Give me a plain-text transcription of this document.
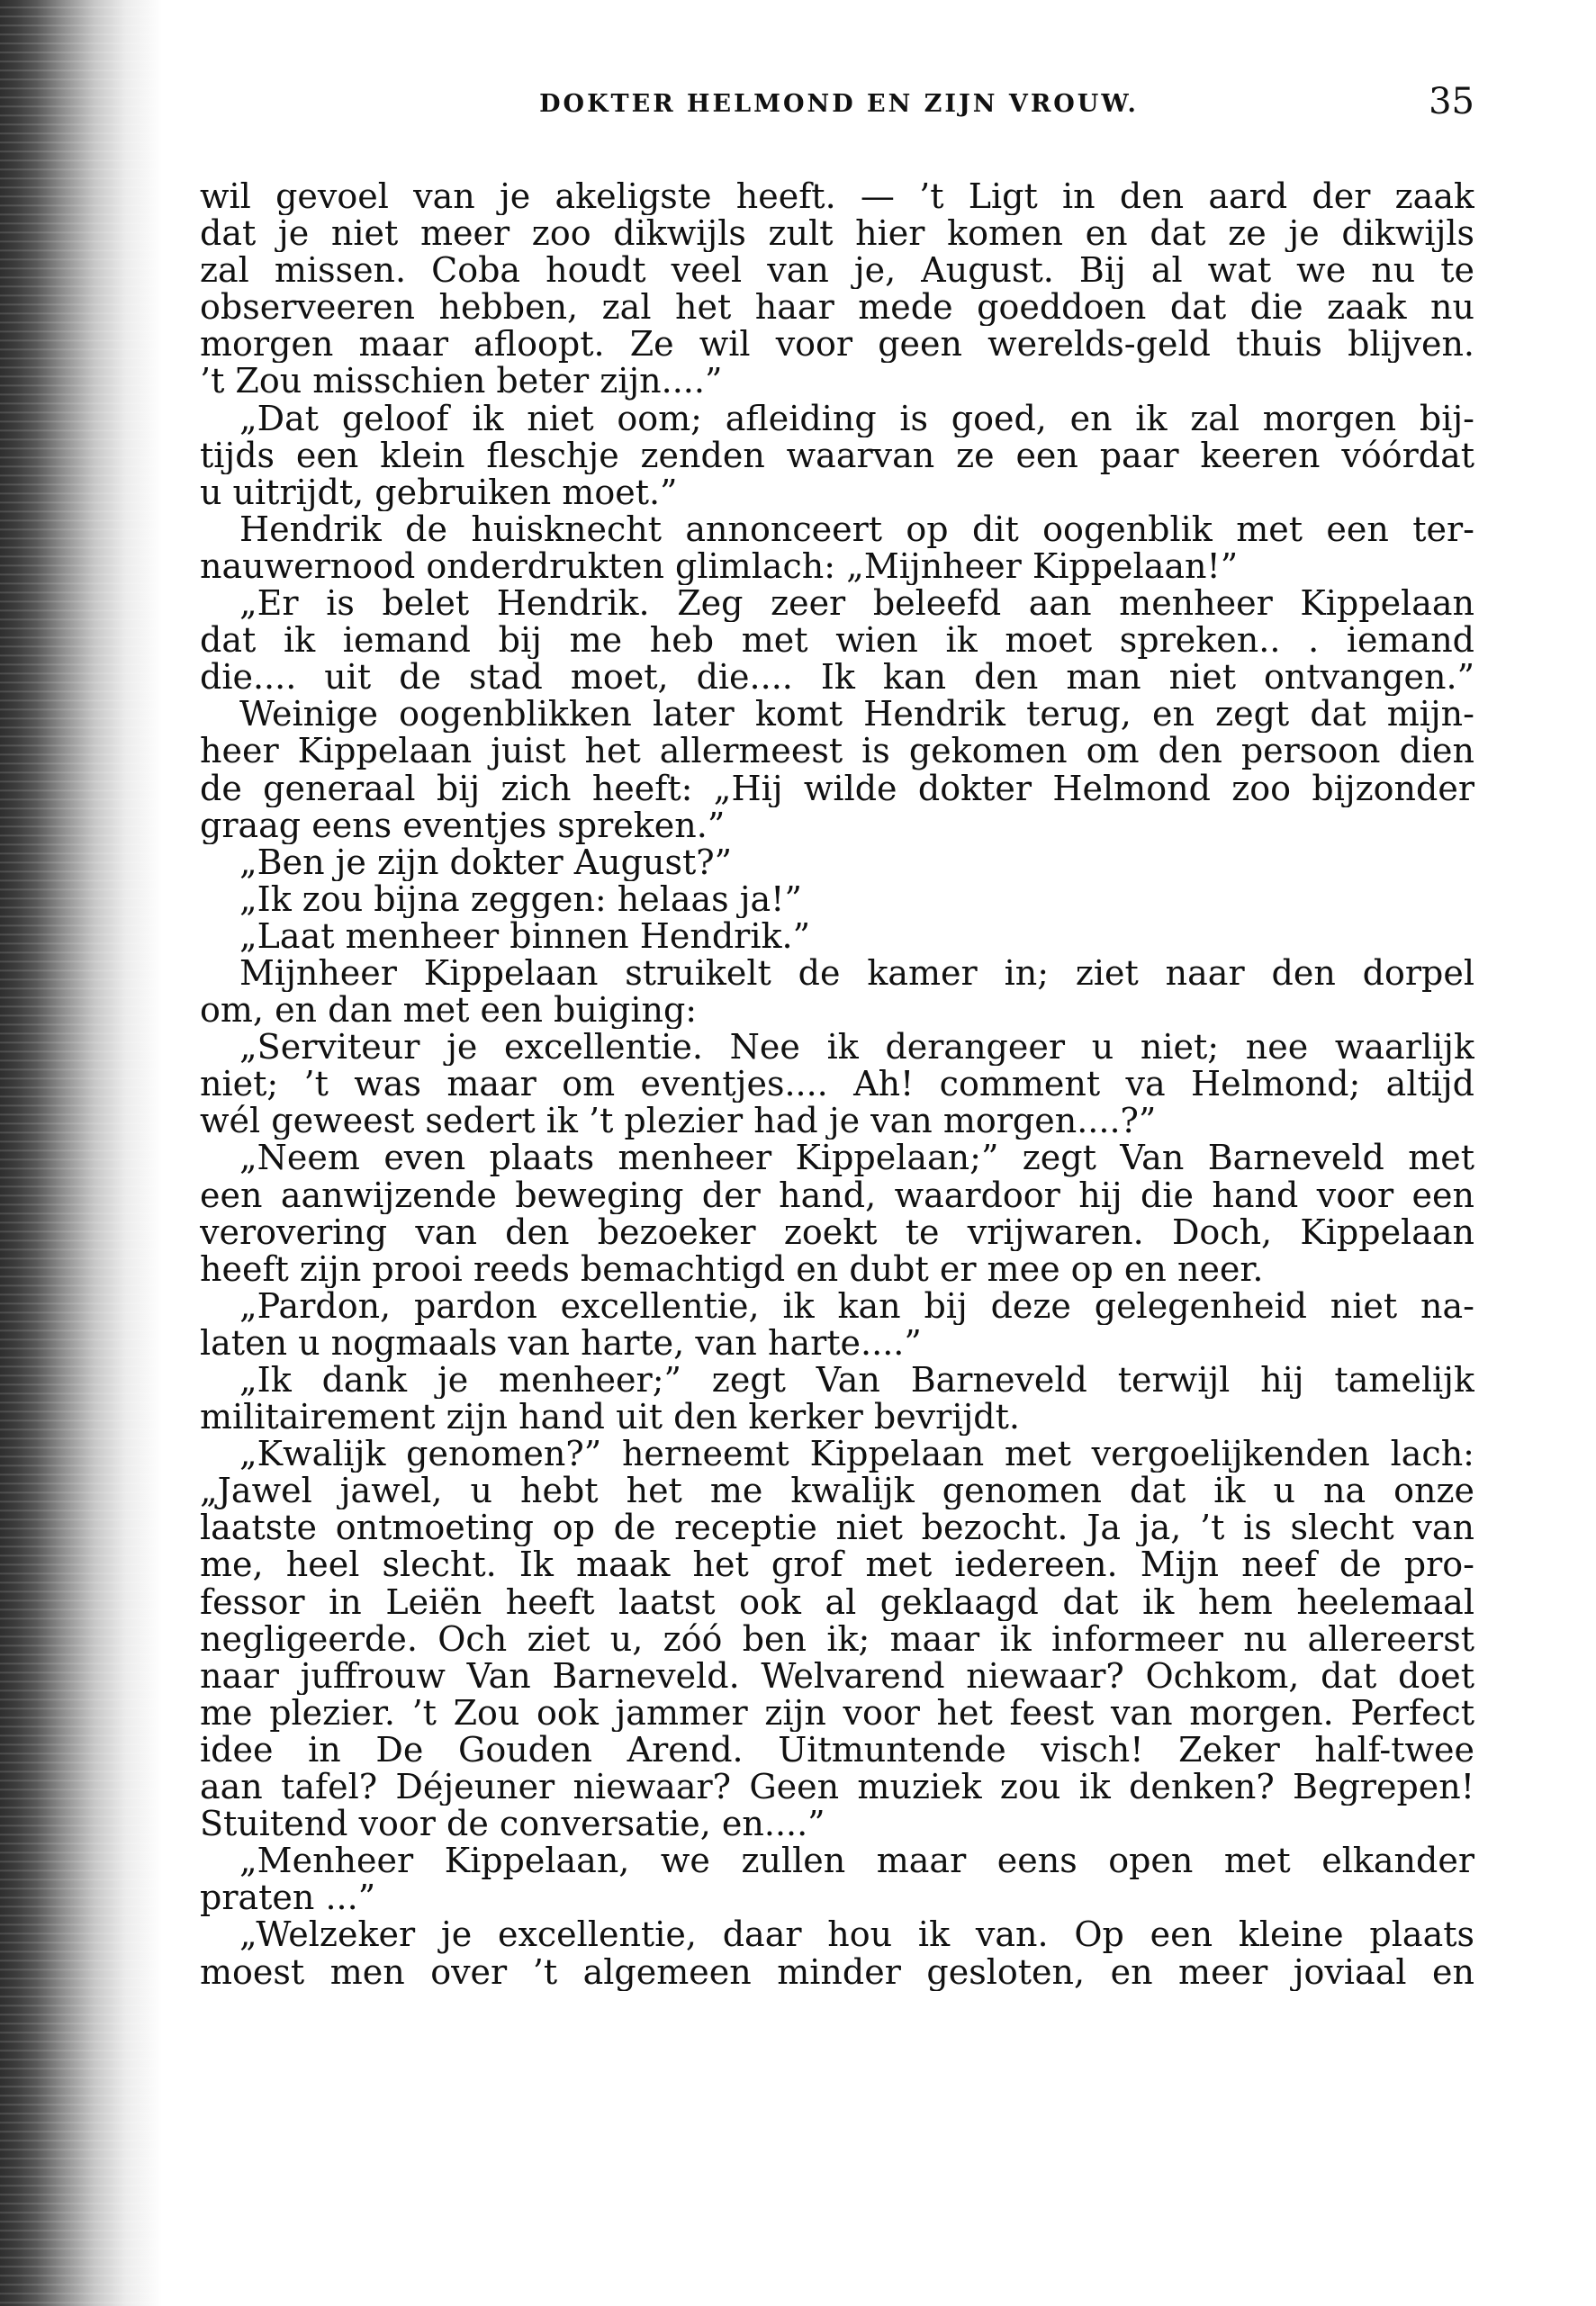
DOKTER HELMOND EN ZIJN VROUW.	35
wil gevoel van je akeligste heeft. — ’t Ligt in den aard der zaak
dat je niet meer zoo dikwijls zult hier komen en dat ze je dikwijls
zal missen. Coba houdt veel van je, August. Bij al wat we nu te
observeeren hebben, zal het haar mede goeddoen dat die zaak nu
morgen maar afloopt. Ze wil voor geen werelds-geld thuis blijven.
’t Zou misschien beter zijn....”
„Dat geloof ik niet oom; afleiding is goed, en ik zal morgen bij-
tijds een klein fleschje zenden waarvan ze een paar keeren vóórdat
u uitrijdt, gebruiken moet.”
Hendrik de huisknecht annonceert op dit oogenblik met een ter-
nauwernood onderdrukten glimlach: „Mijnheer Kippelaan!”
„Er is belet Hendrik. Zeg zeer beleefd aan menheer Kippelaan
dat ik iemand bij me heb met wien ik moet spreken.. . iemand
die.... uit de stad moet, die.... Ik kan den man niet ontvangen.”
Weinige oogenblikken later komt Hendrik terug, en zegt dat mijn-
heer Kippelaan juist het allermeest is gekomen om den persoon dien
de generaal bij zich heeft: „Hij wilde dokter Helmond zoo bijzonder
graag eens eventjes spreken.”
„Ben je zijn dokter August?”
„Ik zou bijna zeggen: helaas ja!”
„Laat menheer binnen Hendrik.”
Mijnheer Kippelaan struikelt de kamer in; ziet naar den dorpel
om, en dan met een buiging:
„Serviteur je excellentie. Nee ik derangeer u niet; nee waarlijk
niet; ’t was maar om eventjes.... Ah! comment va Helmond; altijd
wél geweest sedert ik ’t plezier had je van morgen....?”
„Neem even plaats menheer Kippelaan;” zegt Van Barneveld met
een aanwijzende beweging der hand, waardoor hij die hand voor een
verovering van den bezoeker zoekt te vrijwaren. Doch, Kippelaan
heeft zijn prooi reeds bemachtigd en dubt er mee op en neer.
„Pardon, pardon excellentie, ik kan bij deze gelegenheid niet na-
laten u nogmaals van harte, van harte....”
„Ik dank je menheer;” zegt Van Barneveld terwijl hij tamelijk
militairement zijn hand uit den kerker bevrijdt.
„Kwalijk genomen?” herneemt Kippelaan met vergoelijkenden lach:
„Jawel jawel, u hebt het me kwalijk genomen dat ik u na onze
laatste ontmoeting op de receptie niet bezocht. Ja ja, ’t is slecht van
me, heel slecht. Ik maak het grof met iedereen. Mijn neef de pro-
fessor in Leiën heeft laatst ook al geklaagd dat ik hem heelemaal
negligeerde. Och ziet u, zóó ben ik; maar ik informeer nu allereerst
naar juffrouw Van Barneveld. Welvarend niewaar? Ochkom, dat doet
me plezier. ’t Zou ook jammer zijn voor het feest van morgen. Perfect
idee in De Gouden Arend. Uitmuntende visch! Zeker half-twee
aan tafel? Déjeuner niewaar? Geen muziek zou ik denken? Begrepen!
Stuitend voor de conversatie, en....”
„Menheer Kippelaan, we zullen maar eens open met elkander
praten ...”
„Welzeker je excellentie, daar hou ik van. Op een kleine plaats
moest men over ’t algemeen minder gesloten, en meer joviaal en
